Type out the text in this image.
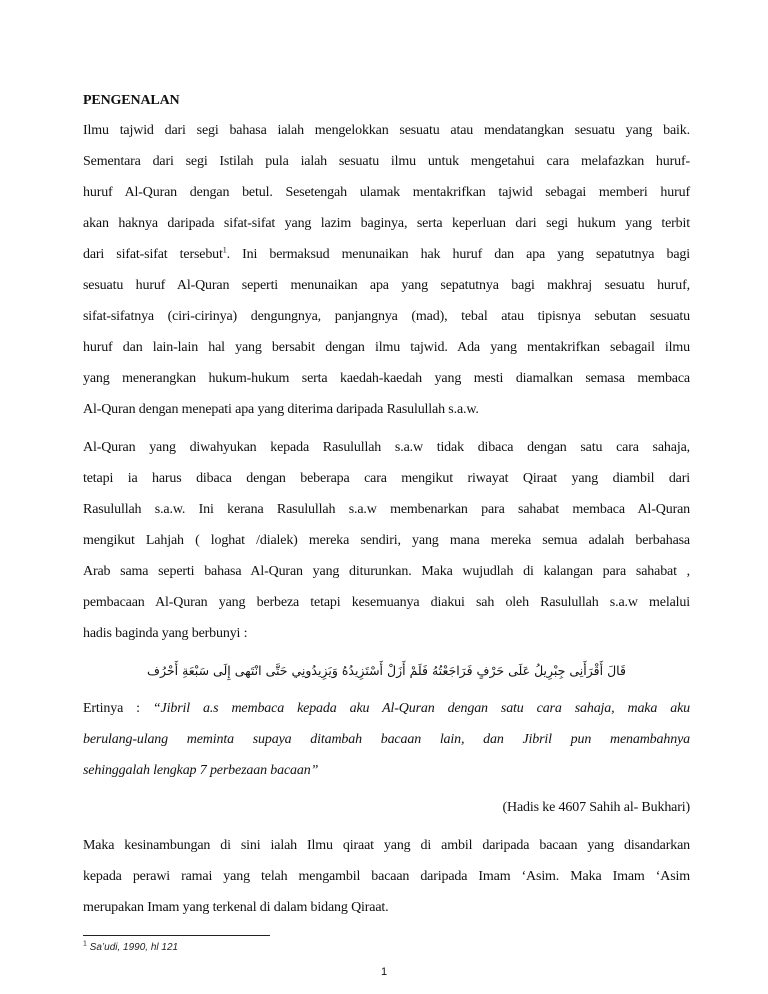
PENGENALAN
Ilmu tajwid dari segi bahasa ialah mengelokkan sesuatu atau mendatangkan sesuatu yang baik.
Sementara dari segi Istilah pula ialah sesuatu ilmu untuk mengetahui cara melafazkan huruf-
huruf Al-Quran dengan betul. Sesetengah ulamak mentakrifkan tajwid sebagai memberi huruf
akan haknya daripada sifat-sifat yang lazim baginya, serta keperluan dari segi hukum yang terbit
dari sifat-sifat tersebut$^1$. Ini bermaksud menunaikan hak huruf dan apa yang sepatutnya bagi
sesuatu huruf Al-Quran seperti menunaikan apa yang sepatutnya bagi makhraj sesuatu huruf,
sifat-sifatnya (ciri-cirinya) dengungnya, panjangnya (mad), tebal atau tipisnya sebutan sesuatu
huruf dan lain-lain hal yang bersabit dengan ilmu tajwid. Ada yang mentakrifkan sebagail ilmu
yang menerangkan hukum-hukum serta kaedah-kaedah yang mesti diamalkan semasa membaca
Al-Quran dengan menepati apa yang diterima daripada Rasulullah s.a.w.
Al-Quran yang diwahyukan kepada Rasulullah s.a.w tidak dibaca dengan satu cara sahaja,
tetapi ia harus dibaca dengan beberapa cara mengikut riwayat Qiraat yang diambil dari
Rasulullah s.a.w. Ini kerana Rasulullah s.a.w membenarkan para sahabat membaca Al-Quran
mengikut Lahjah ( loghat /dialek) mereka sendiri, yang mana mereka semua adalah berbahasa
Arab sama seperti bahasa Al-Quran yang diturunkan. Maka wujudlah di kalangan para sahabat ,
pembacaan Al-Quran yang berbeza tetapi kesemuanya diakui sah oleh Rasulullah s.a.w melalui
hadis baginda yang berbunyi :
قَالَ أَقْرَأَنِى جِبْرِيلُ عَلَى حَرْفٍ فَرَاجَعْتُهُ فَلَمْ أَزَلْ أَسْتَزِيدُهُ وَيَزِيدُونِي حَتَّى انْتَهى إِلَى سَبْعَةِ أَحْرُف
Ertinya : “Jibril a.s membaca kepada aku Al-Quran dengan satu cara sahaja, maka aku
berulang-ulang meminta supaya ditambah bacaan lain, dan Jibril pun menambahnya
sehinggalah lengkap 7 perbezaan bacaan”
(Hadis ke 4607 Sahih al- Bukhari)
Maka kesinambungan di sini ialah Ilmu qiraat yang di ambil daripada bacaan yang disandarkan
kepada perawi ramai yang telah mengambil bacaan daripada Imam ‘Asim. Maka Imam ‘Asim
merupakan Imam yang terkenal di dalam bidang Qiraat.
$^1$ Sa’udi, 1990, hl 121
1
